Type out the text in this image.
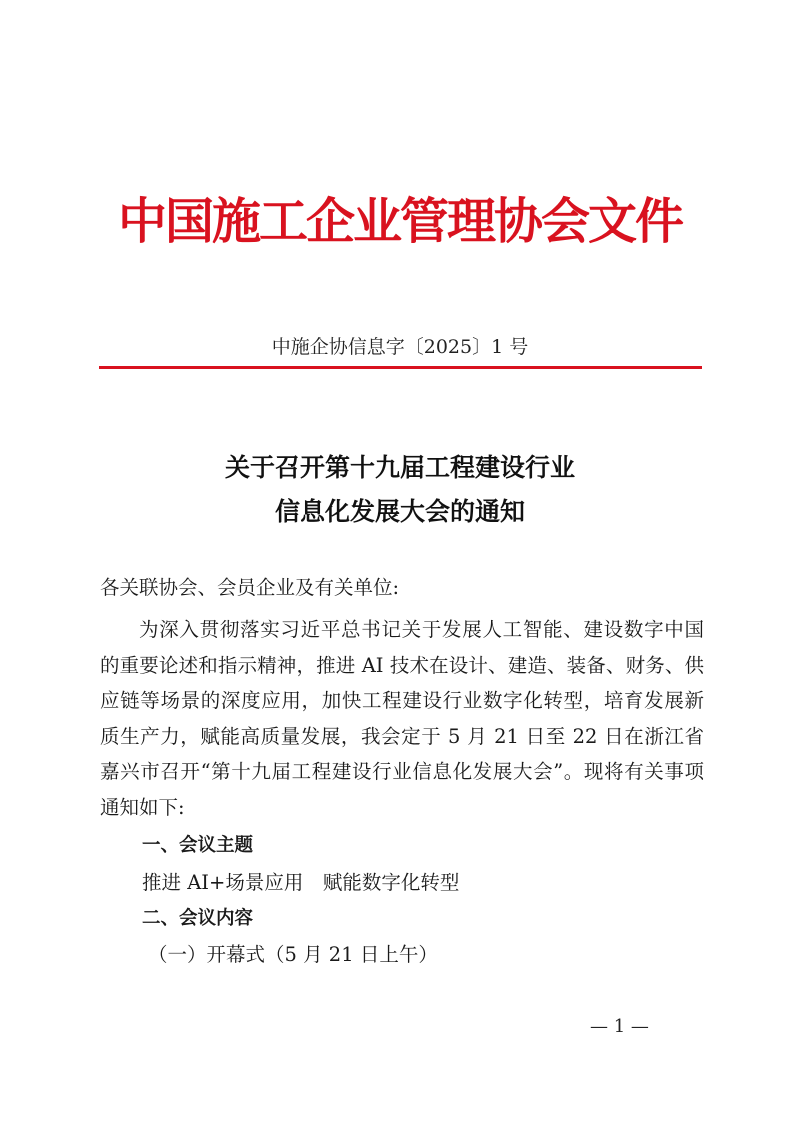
中国施工企业管理协会文件
中施企协信息字〔2025〕1 号
关于召开第十九届工程建设行业
信息化发展大会的通知
各关联协会、会员企业及有关单位:
为深入贯彻落实习近平总书记关于发展人工智能、建设数字中国的重要论述和指示精神，推进 AI 技术在设计、建造、装备、财务、供应链等场景的深度应用，加快工程建设行业数字化转型，培育发展新质生产力，赋能高质量发展，我会定于 5 月 21 日至 22 日在浙江省嘉兴市召开“第十九届工程建设行业信息化发展大会”。现将有关事项通知如下:
一、会议主题
推进 AI+场景应用　赋能数字化转型
二、会议内容
（一）开幕式（5 月 21 日上午）
— 1 —
